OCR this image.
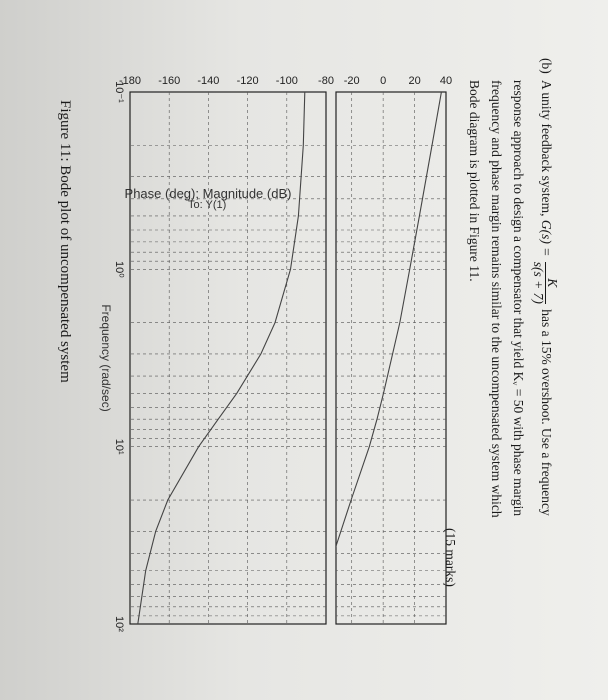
(b)
A unity feedback system, G(s) =
K
s(s + 7)
has a 15% overshoot. Use a frequency
response approach to design a compensator that yield Kᵥ = 50 with phase margin
frequency and phase margin remains similar to the uncompensated system which
Bode diagram is plotted in Figure 11.
(15 marks)
Phase (deg); Magnitude (dB)
To: Y(1)
Frequency (rad/sec)
40
20
0
-20
-80
-100
-120
-140
-160
-180
10⁻¹
10⁰
10¹
10²
Figure 11: Bode plot of uncompensated system
